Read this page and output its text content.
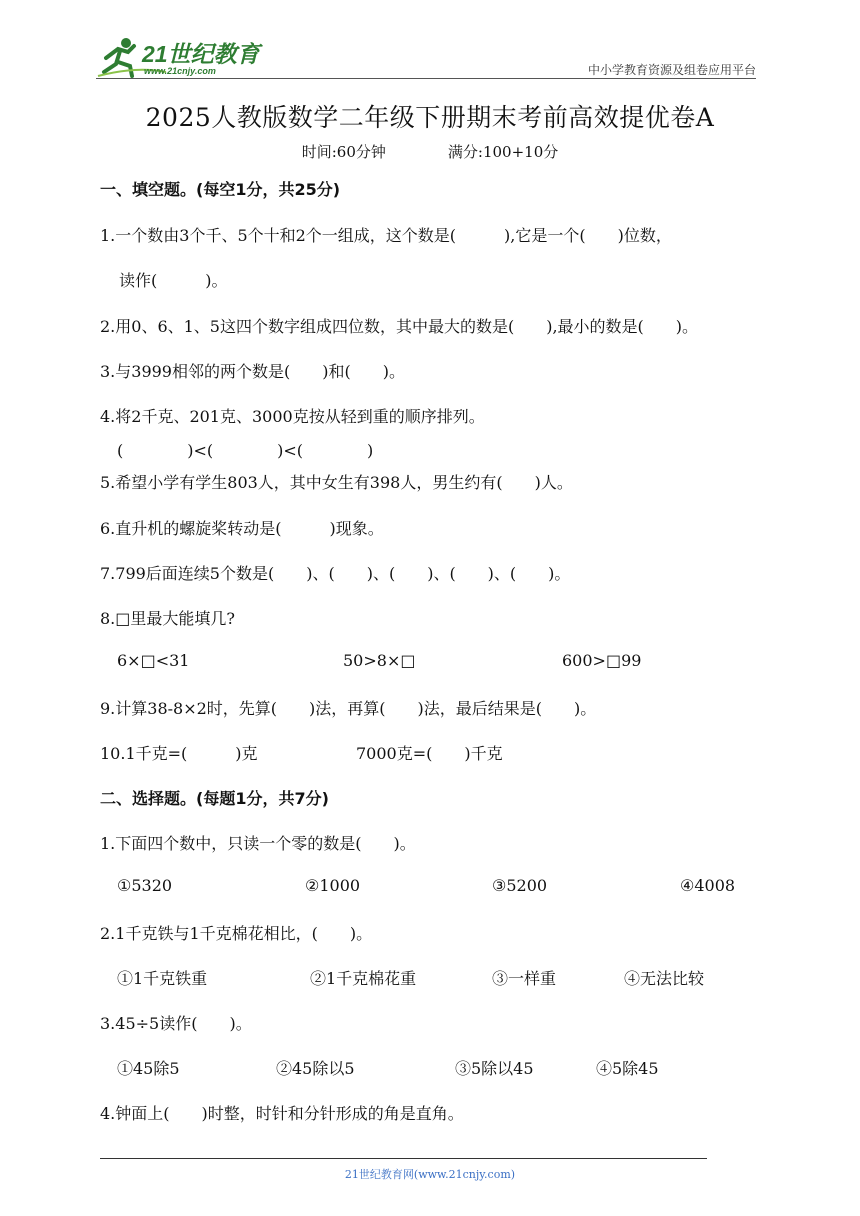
21世纪教育
www.21cnjy.com	中小学教育资源及组卷应用平台
2025人教版数学二年级下册期末考前高效提优卷A
时间:60分钟	满分:100+10分
一、填空题。(每空1分，共25分)
1.一个数由3个千、5个十和2个一组成，这个数是(　　　),它是一个(　　)位数，
读作(　　　)。
2.用0、6、1、5这四个数字组成四位数，其中最大的数是(　　),最小的数是(　　)。
3.与3999相邻的两个数是(　　)和(　　)。
4.将2千克、201克、3000克按从轻到重的顺序排列。
(　　　　)<(　　　　)<(　　　　)
5.希望小学有学生803人，其中女生有398人，男生约有(　　)人。
6.直升机的螺旋桨转动是(　　　)现象。
7.799后面连续5个数是(　　)、(　　)、(　　)、(　　)、(　　)。
8.□里最大能填几?
6×□<31	50>8×□	600>□99
9.计算38-8×2时，先算(　　)法，再算(　　)法，最后结果是(　　)。
10.1千克=(　　　)克	7000克=(　　)千克
二、选择题。(每题1分，共7分)
1.下面四个数中，只读一个零的数是(　　)。
①5320	②1000	③5200	④4008
2.1千克铁与1千克棉花相比，(　　)。
①1千克铁重	②1千克棉花重	③一样重	④无法比较
3.45÷5读作(　　)。
①45除5	②45除以5	③5除以45	④5除45
4.钟面上(　　)时整，时针和分针形成的角是直角。
21世纪教育网(www.21cnjy.com)
